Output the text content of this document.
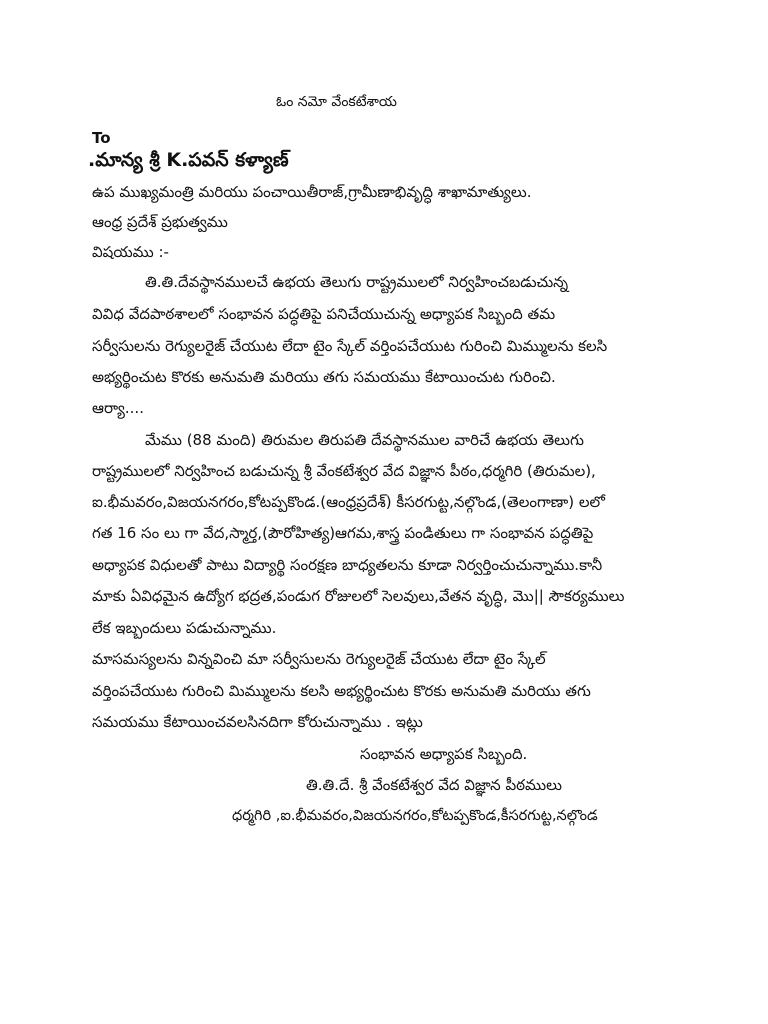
ఓం నమో వేంకటేశాయ
To
.మాన్య శ్రీ K.పవన్ కళ్యాణ్
ఉప ముఖ్యమంత్రి మరియు పంచాయితీరాజ్,గ్రామీణాభివృద్ధి శాఖామాత్యులు.
ఆంధ్ర ప్రదేశ్ ప్రభుత్వము
విషయము :-
తి.తి.దేవస్థానములచే ఉభయ తెలుగు రాష్ట్రములలో నిర్వహించబడుచున్న
వివిధ వేదపాఠశాలలో సంభావన పద్ధతిపై పనిచేయుచున్న అధ్యాపక సిబ్బంది తమ
సర్వీసులను రెగ్యులరైజ్ చేయుట లేదా టైం స్కేల్ వర్తింపచేయుట గురించి మిమ్ములను కలసి
అభ్యర్థించుట కొరకు అనుమతి మరియు తగు సమయము కేటాయించుట గురించి.
ఆర్యా....
మేము (88 మంది) తిరుమల తిరుపతి దేవస్థానముల వారిచే ఉభయ తెలుగు
రాష్ట్రములలో నిర్వహించ బడుచున్న శ్రీ వేంకటేశ్వర వేద విజ్ఞాన పీఠం,ధర్మగిరి (తిరుమల),
ఐ.భీమవరం,విజయనగరం,కోటప్పకొండ.(ఆంధ్రప్రదేశ్) కీసరగుట్ట,నల్గొండ,(తెలంగాణా) లలో
గత 16 సం లు గా వేద,స్మార్త,(పౌరోహిత్య)ఆగమ,శాస్త్ర పండితులు గా సంభావన పద్ధతిపై
అధ్యాపక విధులతో పాటు విద్యార్థి సంరక్షణ బాధ్యతలను కూడా నిర్వర్తించుచున్నాము.కానీ
మాకు ఏవిధమైన ఉద్యోగ భద్రత,పండుగ రోజులలో సెలవులు,వేతన వృద్ధి, మొ|| సౌకర్యములు
లేక ఇబ్బందులు పడుచున్నాము.
మాసమస్యలను విన్నవించి మా సర్వీసులను రెగ్యులరైజ్ చేయుట లేదా టైం స్కేల్
వర్తింపచేయుట గురించి మిమ్ములను కలసి అభ్యర్థించుట కొరకు అనుమతి మరియు తగు
సమయము కేటాయించవలసినదిగా కోరుచున్నాము . ఇట్లు
సంభావన అధ్యాపక సిబ్బంది.
తి.తి.దే. శ్రీ వేంకటేశ్వర వేద విజ్ఞాన పీఠములు
ధర్మగిరి ,ఐ.భీమవరం,విజయనగరం,కోటప్పకొండ,కీసరగుట్ట,నల్గొండ
